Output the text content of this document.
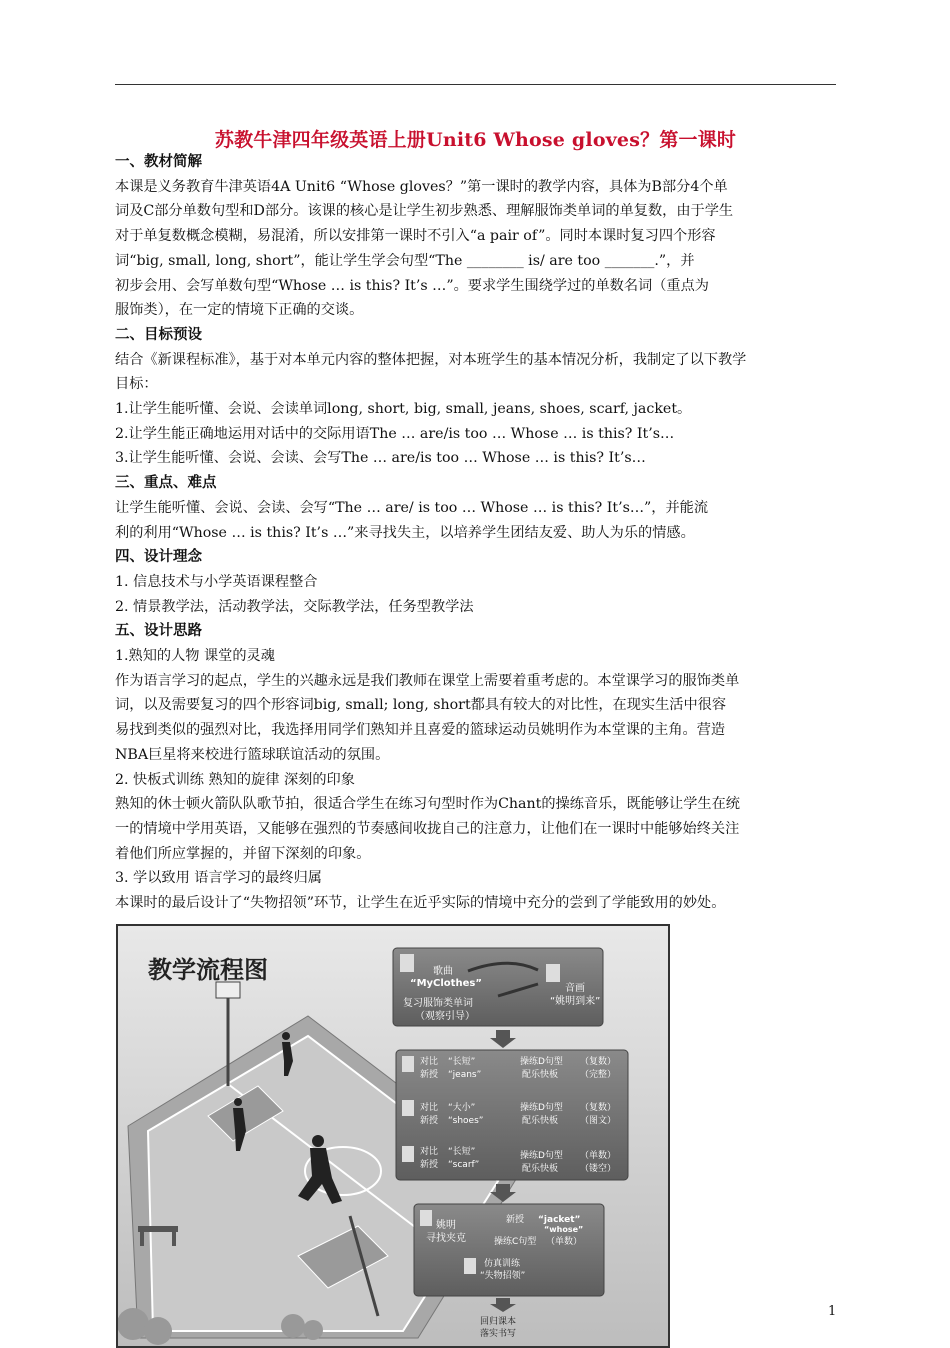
苏教牛津四年级英语上册Unit6 Whose gloves？第一课时

一、教材简解

本课是义务教育牛津英语4A Unit6 “Whose gloves？”第一课时的教学内容，具体为B部分4个单

词及C部分单数句型和D部分。该课的核心是让学生初步熟悉、理解服饰类单词的单复数，由于学生

对于单复数概念模糊，易混淆，所以安排第一课时不引入“a pair of”。同时本课时复习四个形容

词“big, small, long, short”，能让学生学会句型“The ________ is/ are too _______.”，并

初步会用、会写单数句型“Whose … is this? It’s …”。要求学生围绕学过的单数名词（重点为

服饰类），在一定的情境下正确的交谈。

二、目标预设

结合《新课程标准》，基于对本单元内容的整体把握，对本班学生的基本情况分析，我制定了以下教学

目标：

1.让学生能听懂、会说、会读单词long, short, big, small, jeans, shoes, scarf, jacket。

2.让学生能正确地运用对话中的交际用语The … are/is too … Whose … is this? It’s…

3.让学生能听懂、会说、会读、会写The … are/is too … Whose … is this? It’s…

三、重点、难点

让学生能听懂、会说、会读、会写“The … are/ is too … Whose … is this? It’s…”，并能流

利的利用“Whose … is this? It’s …”来寻找失主，以培养学生团结友爱、助人为乐的情感。

四、设计理念

1. 信息技术与小学英语课程整合

2. 情景教学法，活动教学法，交际教学法，任务型教学法

五、设计思路

1.熟知的人物 课堂的灵魂

作为语言学习的起点，学生的兴趣永远是我们教师在课堂上需要着重考虑的。本堂课学习的服饰类单

词，以及需要复习的四个形容词big, small; long, short都具有较大的对比性，在现实生活中很容

易找到类似的强烈对比，我选择用同学们熟知并且喜爱的篮球运动员姚明作为本堂课的主角。营造

NBA巨星将来校进行篮球联谊活动的氛围。

2. 快板式训练 熟知的旋律 深刻的印象

熟知的休士顿火箭队队歌节拍，很适合学生在练习句型时作为Chant的操练音乐，既能够让学生在统

一的情境中学用英语，又能够在强烈的节奏感间收拢自己的注意力，让他们在一课时中能够始终关注

着他们所应掌握的，并留下深刻的印象。

3. 学以致用 语言学习的最终归属

本课时的最后设计了“失物招领”环节，让学生在近乎实际的情境中充分的尝到了学能致用的妙处。

教学流程图	歌曲
“MyClothes”
复习服饰类单词
（观察引导）
音画
“姚明到来”
对比 “长短”
新授 “jeans”
操练D句型 （复数）
配乐快板 （完整）
对比 “大小”
新授 “shoes”
操练D句型 （复数）
配乐快板 （图文）
对比 “长短”
新授 “scarf”
操练D句型 （单数）
配乐快板 （镂空）
姚明
寻找夹克
新授 “jacket”
“whose”
操练C句型 （单数）
仿真训练
“失物招领”
回归课本
落实书写
1
